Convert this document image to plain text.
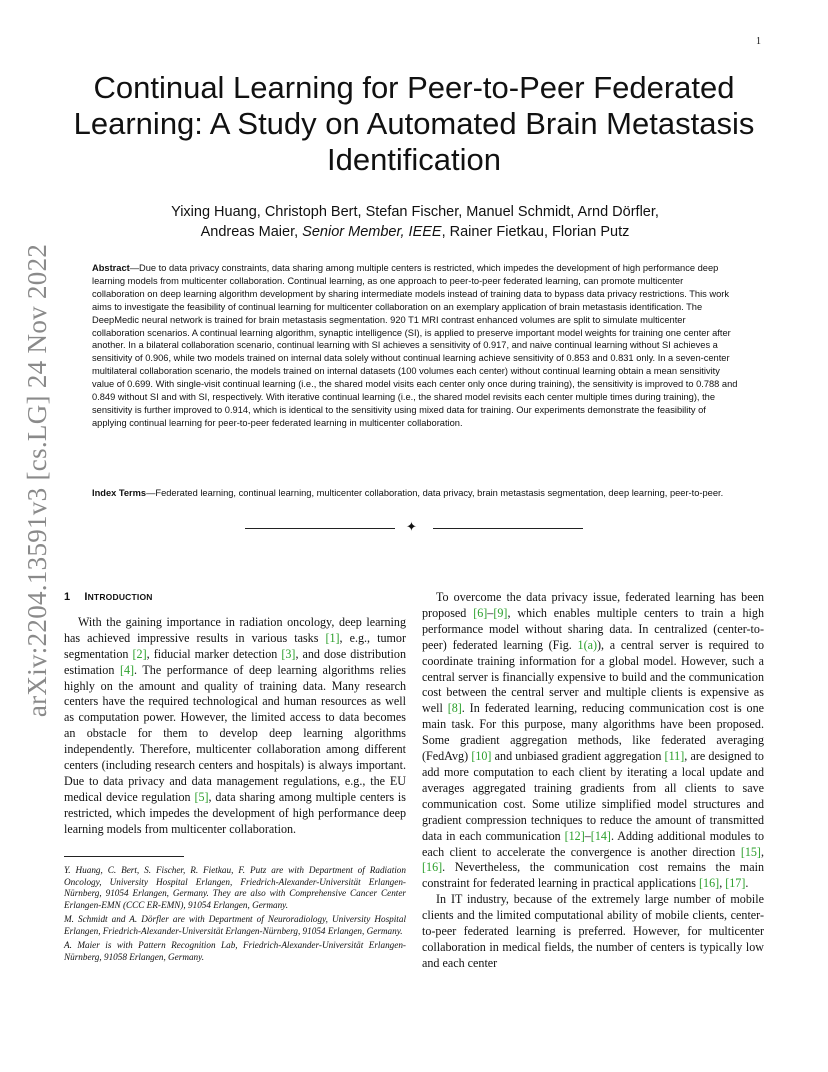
1
arXiv:2204.13591v3 [cs.LG] 24 Nov 2022
Continual Learning for Peer-to-Peer Federated Learning: A Study on Automated Brain Metastasis Identification
Yixing Huang, Christoph Bert, Stefan Fischer, Manuel Schmidt, Arnd Dörfler,
Andreas Maier, Senior Member, IEEE, Rainer Fietkau, Florian Putz
Abstract—Due to data privacy constraints, data sharing among multiple centers is restricted, which impedes the development of high performance deep learning models from multicenter collaboration. Continual learning, as one approach to peer-to-peer federated learning, can promote multicenter collaboration on deep learning algorithm development by sharing intermediate models instead of training data to bypass data privacy restrictions. This work aims to investigate the feasibility of continual learning for multicenter collaboration on an exemplary application of brain metastasis identification. The DeepMedic neural network is trained for brain metastasis segmentation. 920 T1 MRI contrast enhanced volumes are split to simulate multicenter collaboration scenarios. A continual learning algorithm, synaptic intelligence (SI), is applied to preserve important model weights for training one center after another. In a bilateral collaboration scenario, continual learning with SI achieves a sensitivity of 0.917, and naive continual learning without SI achieves a sensitivity of 0.906, while two models trained on internal data solely without continual learning achieve sensitivity of 0.853 and 0.831 only. In a seven-center multilateral collaboration scenario, the models trained on internal datasets (100 volumes each center) without continual learning obtain a mean sensitivity value of 0.699. With single-visit continual learning (i.e., the shared model visits each center only once during training), the sensitivity is improved to 0.788 and 0.849 without SI and with SI, respectively. With iterative continual learning (i.e., the shared model revisits each center multiple times during training), the sensitivity is further improved to 0.914, which is identical to the sensitivity using mixed data for training. Our experiments demonstrate the feasibility of applying continual learning for peer-to-peer federated learning in multicenter collaboration.
Index Terms—Federated learning, continual learning, multicenter collaboration, data privacy, brain metastasis segmentation, deep learning, peer-to-peer.
✦
1 INTRODUCTION

With the gaining importance in radiation oncology, deep learning has achieved impressive results in various tasks [1], e.g., tumor segmentation [2], fiducial marker detection [3], and dose distribution estimation [4]. The performance of deep learning algorithms relies highly on the amount and quality of training data. Many research centers have the required technological and human resources as well as computation power. However, the limited access to data becomes an obstacle for them to develop deep learning algorithms independently. Therefore, multicenter collaboration among different centers (including research centers and hospitals) is always important. Due to data privacy and data management regulations, e.g., the EU medical device regulation [5], data sharing among multiple centers is restricted, which impedes the development of high performance deep learning models from multicenter collaboration.

Y. Huang, C. Bert, S. Fischer, R. Fietkau, F. Putz are with Department of Radiation Oncology, University Hospital Erlangen, Friedrich-Alexander-Universität Erlangen-Nürnberg, 91054 Erlangen, Germany. They are also with Comprehensive Cancer Center Erlangen-EMN (CCC ER-EMN), 91054 Erlangen, Germany.

M. Schmidt and A. Dörfler are with Department of Neuroradiology, University Hospital Erlangen, Friedrich-Alexander-Universität Erlangen-Nürnberg, 91054 Erlangen, Germany.

A. Maier is with Pattern Recognition Lab, Friedrich-Alexander-Universität Erlangen-Nürnberg, 91058 Erlangen, Germany.

To overcome the data privacy issue, federated learning has been proposed [6]–[9], which enables multiple centers to train a high performance model without sharing data. In centralized (center-to-peer) federated learning (Fig. 1(a)), a central server is required to coordinate training information for a global model. However, such a central server is financially expensive to build and the communication cost between the central server and multiple clients is expensive as well [8]. In federated learning, reducing communication cost is one main task. For this purpose, many algorithms have been proposed. Some gradient aggregation methods, like federated averaging (FedAvg) [10] and unbiased gradient aggregation [11], are designed to add more computation to each client by iterating a local update and averages aggregated training gradients from all clients to save communication cost. Some utilize simplified model structures and gradient compression techniques to reduce the amount of transmitted data in each communication [12]–[14]. Adding additional modules to each client to accelerate the convergence is another direction [15], [16]. Nevertheless, the communication cost remains the main constraint for federated learning in practical applications [16], [17].

In IT industry, because of the extremely large number of mobile clients and the limited computational ability of mobile clients, center-to-peer federated learning is preferred. However, for multicenter collaboration in medical fields, the number of centers is typically low and each center
